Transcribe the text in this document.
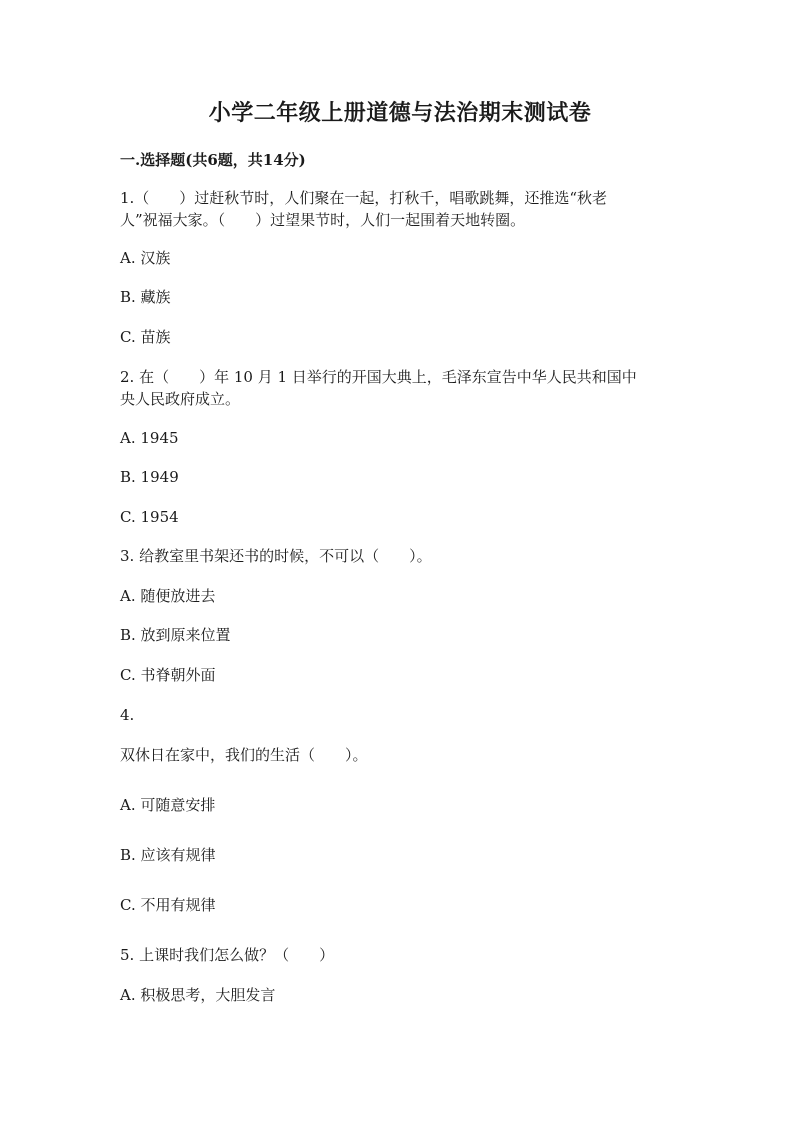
小学二年级上册道德与法治期末测试卷
一.选择题(共6题，共14分)
1.（　　）过赶秋节时，人们聚在一起，打秋千，唱歌跳舞，还推选“秋老
人”祝福大家。（　　）过望果节时，人们一起围着天地转圈。
A. 汉族
B. 藏族
C. 苗族
2. 在（　　）年 10 月 1 日举行的开国大典上，毛泽东宣告中华人民共和国中
央人民政府成立。
A. 1945
B. 1949
C. 1954
3. 给教室里书架还书的时候，不可以（　　）。
A. 随便放进去
B. 放到原来位置
C. 书脊朝外面
4.
双休日在家中，我们的生活（　　）。
A. 可随意安排
B. 应该有规律
C. 不用有规律
5. 上课时我们怎么做？（　　）
A. 积极思考，大胆发言
